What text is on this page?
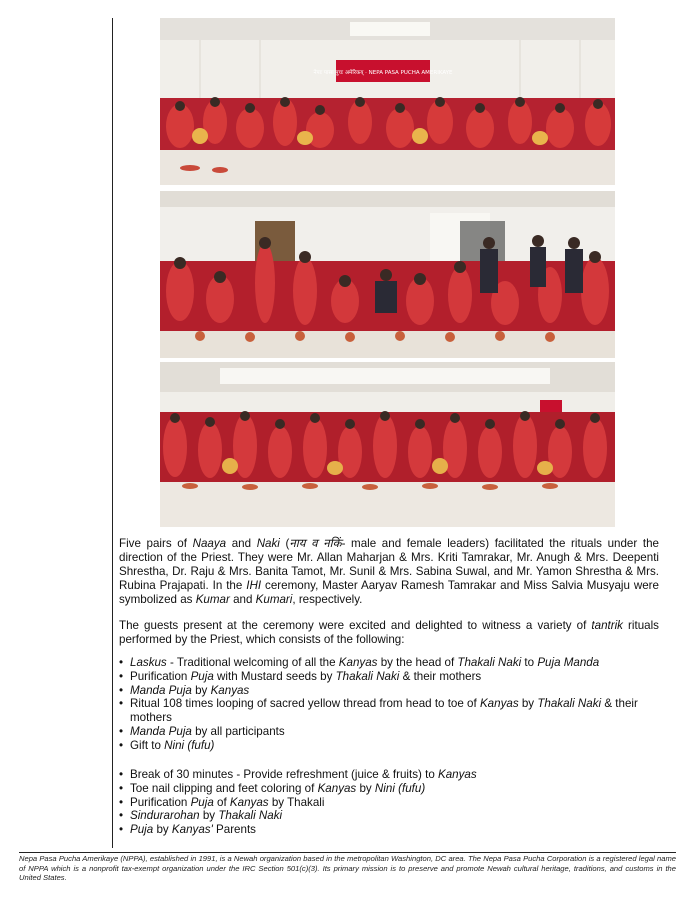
नेपाः पासा पुचः अमेरिकय् · NEPA PASA PUCHA AMERIKAYE
Five pairs of Naaya and Naki (नाय व नकिं- male and female leaders) facilitated the rituals under the direction of the Priest. They were Mr. Allan Maharjan & Mrs. Kriti Tamrakar, Mr. Anugh & Mrs. Deepenti Shrestha, Dr. Raju & Mrs. Banita Tamot, Mr. Sunil & Mrs. Sabina Suwal, and Mr. Yamon Shrestha & Mrs. Rubina Prajapati. In the IHI ceremony, Master Aaryav Ramesh Tamrakar and Miss Salvia Musyaju were symbolized as Kumar and Kumari, respectively.
The guests present at the ceremony were excited and delighted to witness a variety of tantrik rituals performed by the Priest, which consists of the following:
• Laskus - Traditional welcoming of all the Kanyas by the head of Thakali Naki to Puja Manda
• Purification Puja with Mustard seeds by Thakali Naki & their mothers
• Manda Puja by Kanyas
• Ritual 108 times looping of sacred yellow thread from head to toe of Kanyas by Thakali Naki & their mothers
• Manda Puja by all participants
• Gift to Nini (fufu)
• Break of 30 minutes - Provide refreshment (juice & fruits) to Kanyas
• Toe nail clipping and feet coloring of Kanyas by Nini (fufu)
• Purification Puja of Kanyas by Thakali
• Sindurarohan by Thakali Naki
• Puja by Kanyas' Parents
Nepa Pasa Pucha Amerikaye (NPPA), established in 1991, is a Newah organization based in the metropolitan Washington, DC area. The Nepa Pasa Pucha Corporation is a registered legal name of NPPA which is a nonprofit tax-exempt organization under the IRC Section 501(c)(3). Its primary mission is to preserve and promote Newah cultural heritage, traditions, and customs in the United States.
